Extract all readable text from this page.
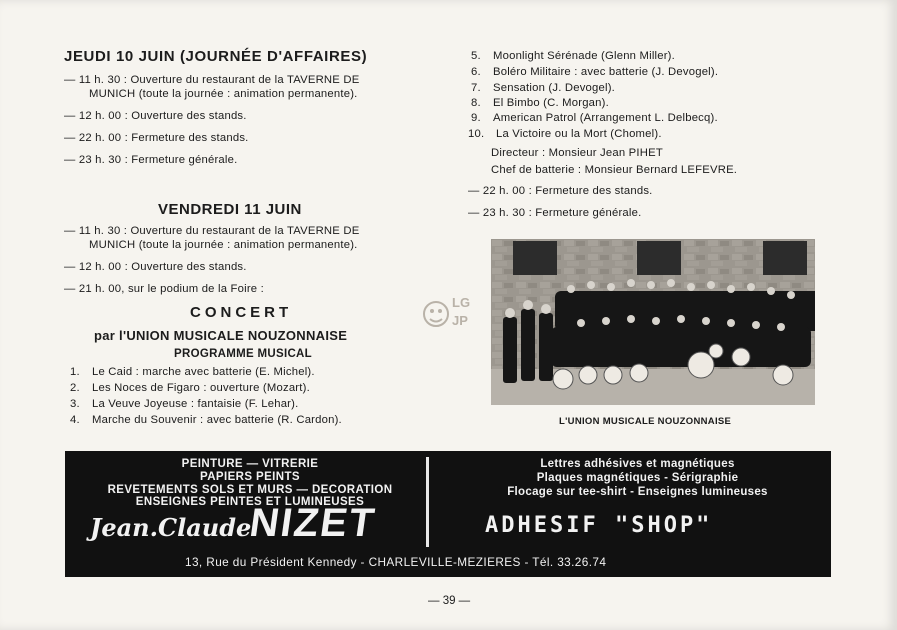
JEUDI 10 JUIN (JOURNÉE D'AFFAIRES)
— 11 h. 30 : Ouverture du restaurant de la TAVERNE DE
MUNICH (toute la journée : animation permanente).
— 12 h. 00 : Ouverture des stands.
— 22 h. 00 : Fermeture des stands.
— 23 h. 30 : Fermeture générale.
VENDREDI 11 JUIN
— 11 h. 30 : Ouverture du restaurant de la TAVERNE DE
MUNICH (toute la journée : animation permanente).
— 12 h. 00 : Ouverture des stands.
— 21 h. 00, sur le podium de la Foire :
CONCERT
par l'UNION MUSICALE NOUZONNAISE
PROGRAMME MUSICAL
1. Le Caid : marche avec batterie (E. Michel).
2. Les Noces de Figaro : ouverture (Mozart).
3. La Veuve Joyeuse : fantaisie (F. Lehar).
4. Marche du Souvenir : avec batterie (R. Cardon).
LG
JP
5. Moonlight Sérénade (Glenn Miller).
6. Boléro Militaire : avec batterie (J. Devogel).
7. Sensation (J. Devogel).
8. El Bimbo (C. Morgan).
9. American Patrol (Arrangement L. Delbecq).
10. La Victoire ou la Mort (Chomel).
Directeur : Monsieur Jean PIHET
Chef de batterie : Monsieur Bernard LEFEVRE.
— 22 h. 00 : Fermeture des stands.
— 23 h. 30 : Fermeture générale.
L'UNION MUSICALE NOUZONNAISE
PEINTURE — VITRERIE
PAPIERS PEINTS
REVETEMENTS SOLS ET MURS — DECORATION
ENSEIGNES PEINTES ET LUMINEUSES
Jean.Claude
NIZET
Lettres adhésives et magnétiques
Plaques magnétiques - Sérigraphie
Flocage sur tee-shirt - Enseignes lumineuses
ADHESIF "SHOP"
13, Rue du Président Kennedy - CHARLEVILLE-MEZIERES - Tél. 33.26.74
— 39 —
